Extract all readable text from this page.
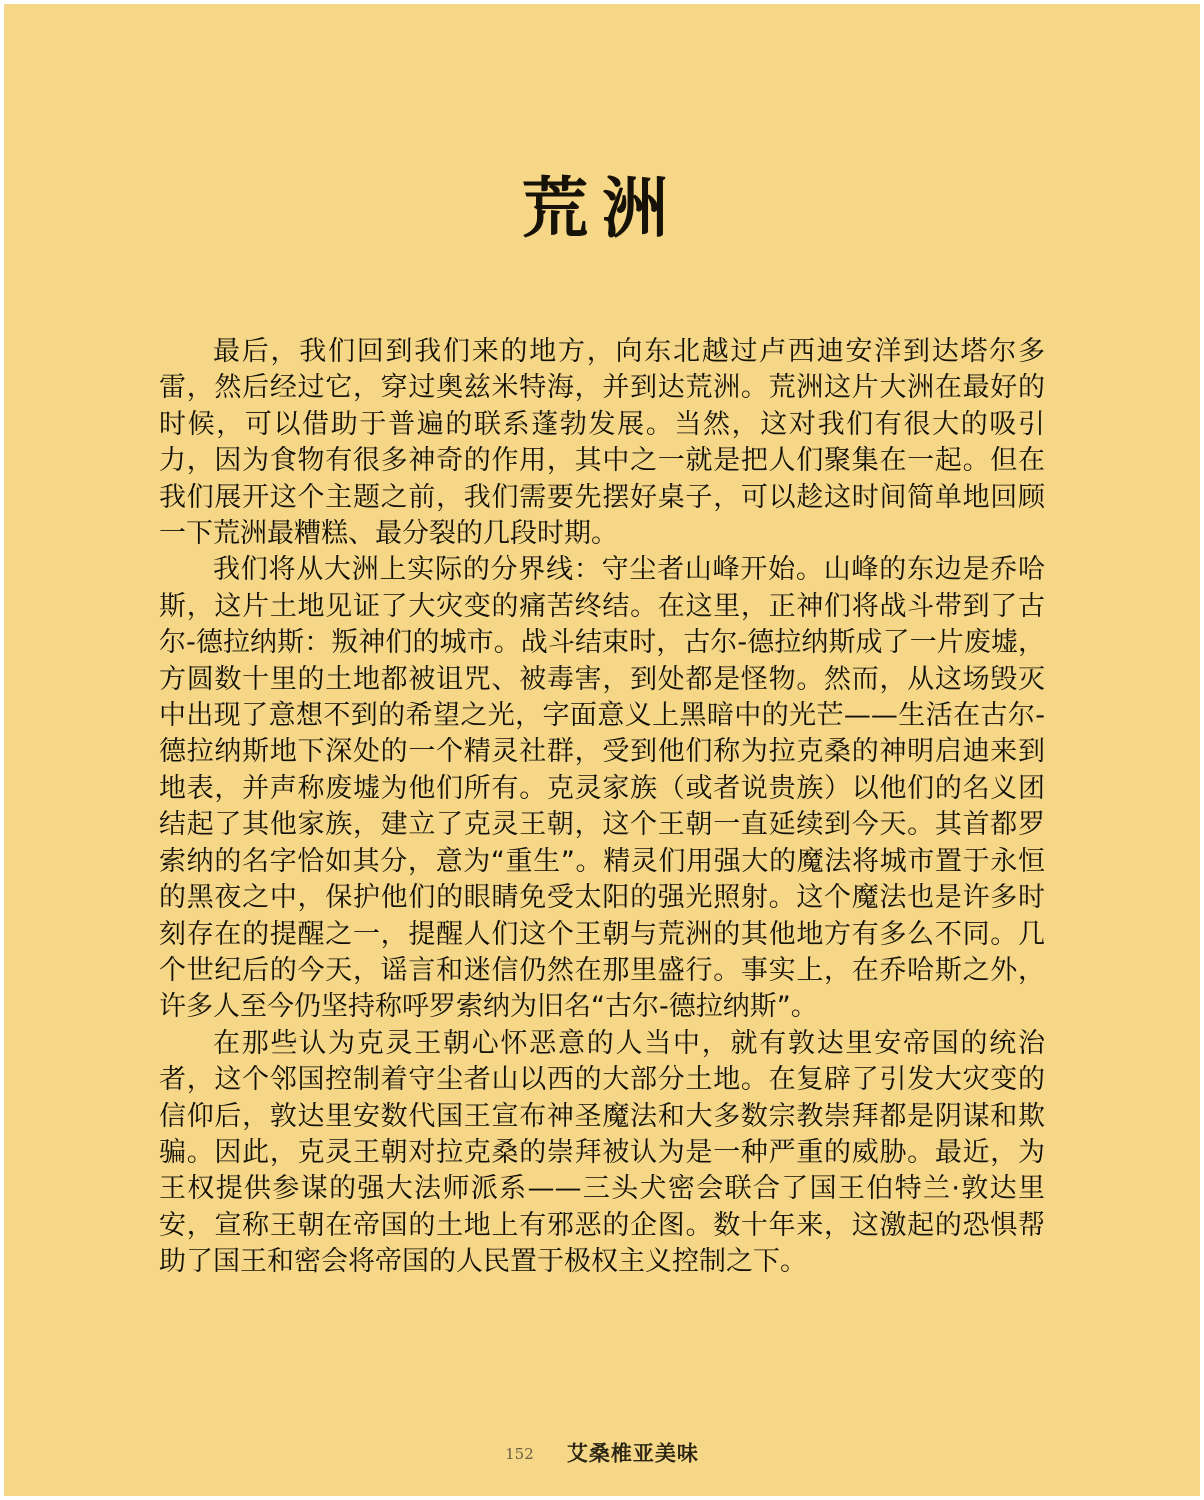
荒洲

最后，我们回到我们来的地方，向东北越过卢西迪安洋到达塔尔多雷，然后经过它，穿过奥兹米特海，并到达荒洲。荒洲这片大洲在最好的时候，可以借助于普遍的联系蓬勃发展。当然，这对我们有很大的吸引力，因为食物有很多神奇的作用，其中之一就是把人们聚集在一起。但在我们展开这个主题之前，我们需要先摆好桌子，可以趁这时间简单地回顾一下荒洲最糟糕、最分裂的几段时期。

我们将从大洲上实际的分界线：守尘者山峰开始。山峰的东边是乔哈斯，这片土地见证了大灾变的痛苦终结。在这里，正神们将战斗带到了古尔-德拉纳斯：叛神们的城市。战斗结束时，古尔-德拉纳斯成了一片废墟，方圆数十里的土地都被诅咒、被毒害，到处都是怪物。然而，从这场毁灭中出现了意想不到的希望之光，字面意义上黑暗中的光芒——生活在古尔-德拉纳斯地下深处的一个精灵社群，受到他们称为拉克桑的神明启迪来到地表，并声称废墟为他们所有。克灵家族（或者说贵族）以他们的名义团结起了其他家族，建立了克灵王朝，这个王朝一直延续到今天。其首都罗索纳的名字恰如其分，意为“重生”。精灵们用强大的魔法将城市置于永恒的黑夜之中，保护他们的眼睛免受太阳的强光照射。这个魔法也是许多时刻存在的提醒之一，提醒人们这个王朝与荒洲的其他地方有多么不同。几个世纪后的今天，谣言和迷信仍然在那里盛行。事实上，在乔哈斯之外，许多人至今仍坚持称呼罗索纳为旧名“古尔-德拉纳斯”。

在那些认为克灵王朝心怀恶意的人当中，就有敦达里安帝国的统治者，这个邻国控制着守尘者山以西的大部分土地。在复辟了引发大灾变的信仰后，敦达里安数代国王宣布神圣魔法和大多数宗教崇拜都是阴谋和欺骗。因此，克灵王朝对拉克桑的崇拜被认为是一种严重的威胁。最近，为王权提供参谋的强大法师派系——三头犬密会联合了国王伯特兰·敦达里安，宣称王朝在帝国的土地上有邪恶的企图。数十年来，这激起的恐惧帮助了国王和密会将帝国的人民置于极权主义控制之下。

152 艾桑椎亚美味
